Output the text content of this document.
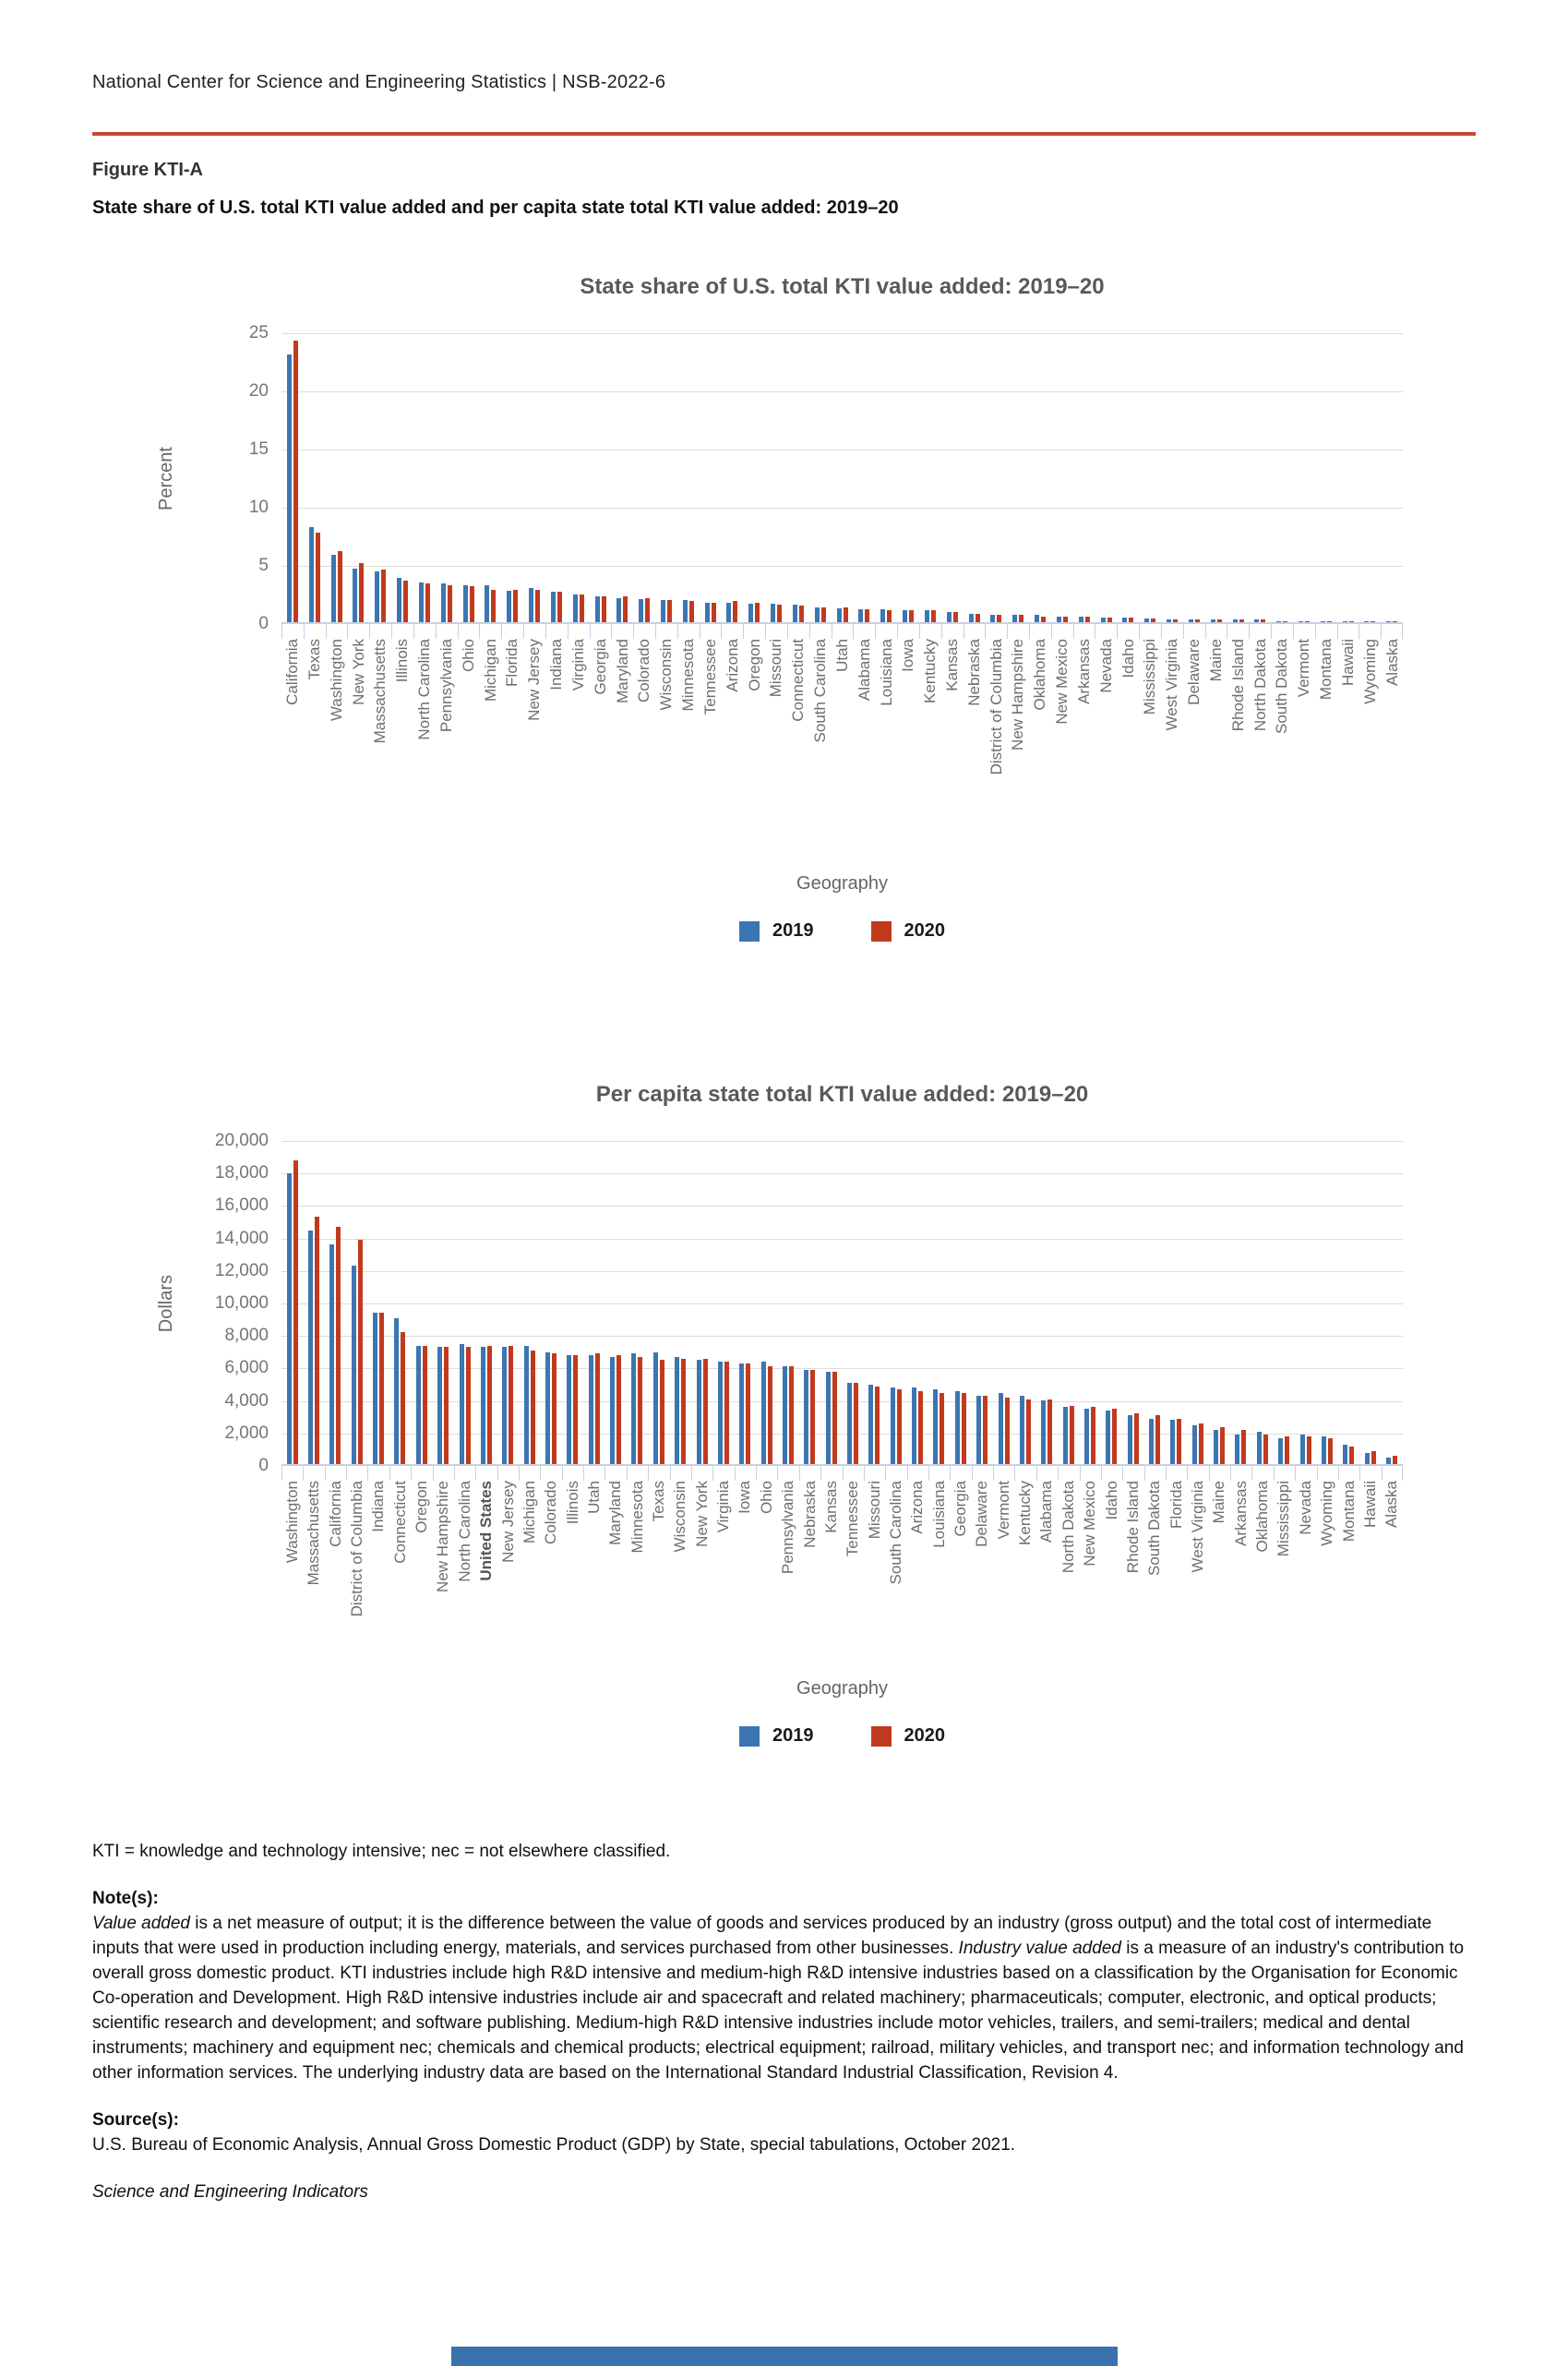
National Center for Science and Engineering Statistics | NSB-2022-6
Figure KTI-A
State share of U.S. total KTI value added and per capita state total KTI value added: 2019–20
State share of U.S. total KTI value added: 2019–20
Percent
25
20
15
10
5
0
California Texas Washington New York Massachusetts Illinois North Carolina Pennsylvania Ohio Michigan Florida New Jersey Indiana Virginia Georgia Maryland Colorado Wisconsin Minnesota Tennessee Arizona Oregon Missouri Connecticut South Carolina Utah Alabama Louisiana Iowa Kentucky Kansas Nebraska District of Columbia New Hampshire Oklahoma New Mexico Arkansas Nevada Idaho Mississippi West Virginia Delaware Maine Rhode Island North Dakota South Dakota Vermont Montana Hawaii Wyoming Alaska
Geography
2019	2020
Per capita state total KTI value added: 2019–20
Dollars
20,000
18,000
16,000
14,000
12,000
10,000
8,000
6,000
4,000
2,000
0
Washington Massachusetts California District of Columbia Indiana Connecticut Oregon New Hampshire North Carolina United States New Jersey Michigan Colorado Illinois Utah Maryland Minnesota Texas Wisconsin New York Virginia Iowa Ohio Pennsylvania Nebraska Kansas Tennessee Missouri South Carolina Arizona Louisiana Georgia Delaware Vermont Kentucky Alabama North Dakota New Mexico Idaho Rhode Island South Dakota Florida West Virginia Maine Arkansas Oklahoma Mississippi Nevada Wyoming Montana Hawaii Alaska
Geography
2019	2020
KTI = knowledge and technology intensive; nec = not elsewhere classified.
Note(s):
Value added is a net measure of output; it is the difference between the value of goods and services produced by an industry (gross output) and the total cost of intermediate inputs that were used in production including energy, materials, and services purchased from other businesses. Industry value added is a measure of an industry's contribution to overall gross domestic product. KTI industries include high R&D intensive and medium-high R&D intensive industries based on a classification by the Organisation for Economic Co-operation and Development. High R&D intensive industries include air and spacecraft and related machinery; pharmaceuticals; computer, electronic, and optical products; scientific research and development; and software publishing. Medium-high R&D intensive industries include motor vehicles, trailers, and semi-trailers; medical and dental instruments; machinery and equipment nec; chemicals and chemical products; electrical equipment; railroad, military vehicles, and transport nec; and information technology and other information services. The underlying industry data are based on the International Standard Industrial Classification, Revision 4.
Source(s):
U.S. Bureau of Economic Analysis, Annual Gross Domestic Product (GDP) by State, special tabulations, October 2021.
Science and Engineering Indicators
